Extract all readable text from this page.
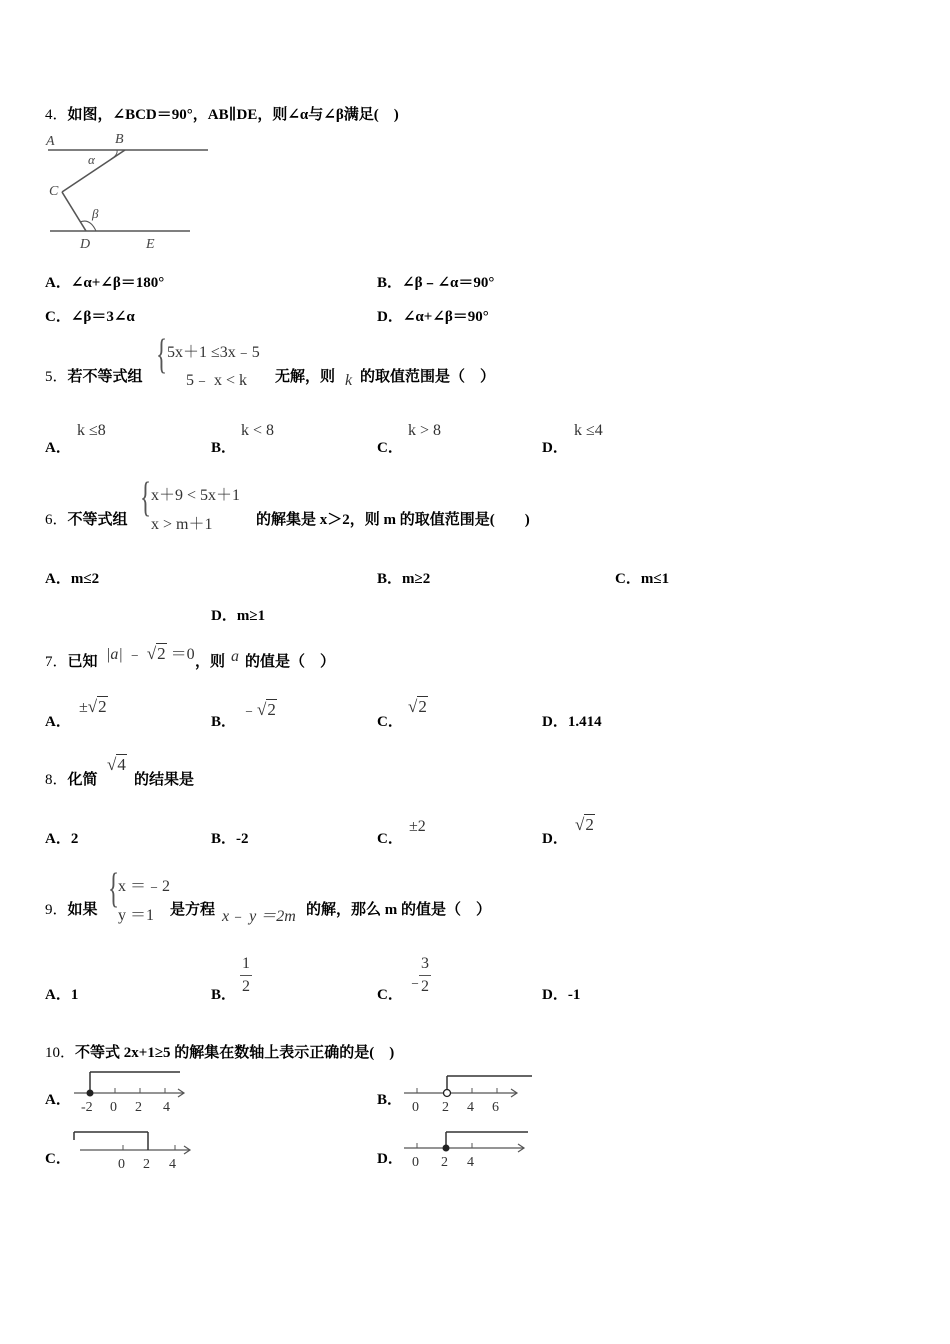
4．如图，∠BCD＝90°，AB∥DE，则∠α与∠β满足(　)
A	B
α
C
β
D	E
A．∠α+∠β＝180°	B．∠β﹣∠α＝90°
C．∠β＝3∠α	D．∠α+∠β＝90°
5．若不等式组 { 5x＋1 ≤3x﹣5
5﹣ x < k 无解，则 k 的取值范围是（　）
A．
k ≤8
B．
k < 8
C．
k > 8
D．
k ≤4
6．不等式组 { x＋9 < 5x＋1
x > m＋1	的解集是 x＞2，则 m 的取值范围是(　　)
A．m≤2	B．m≥2	C．m≤1
D．m≥1
7．已知 |a| ﹣ √2 ＝0 ，则 a 的值是（　）
A．
±√2
B．
﹣√2
C．
√2
D．1.414
8．化简
√4
的结果是
A．2	B．-2	C．
±2
D．
√2
9．如果 {
x ＝﹣2
y ＝1 是方程 x﹣ y ＝2m 的解，那么 m 的值是（　）
A．1	B． $\frac{1}{2}$	C．
﹣
$\frac{3}{2}$	D．-1
10．不等式 2x+1≥5 的解集在数轴上表示正确的是(　)
A． -2 0 2 4	B． 0 2 4 6
C．	0 2 4	D． 0 2 4
